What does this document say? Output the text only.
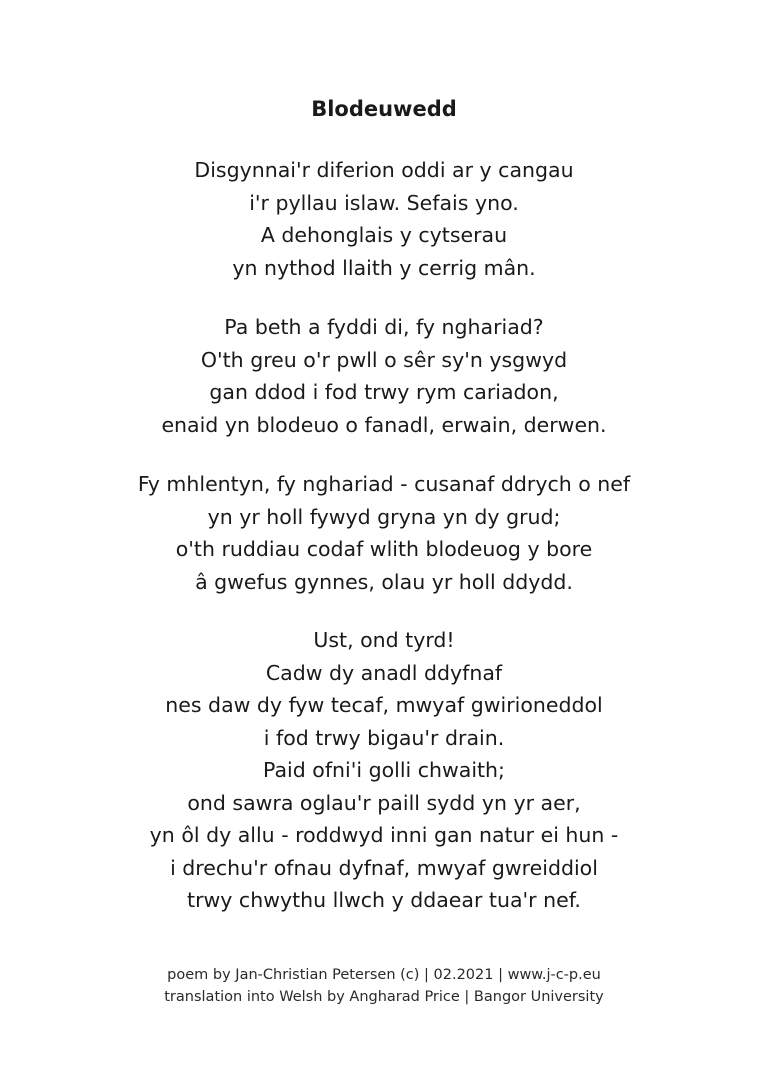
Blodeuwedd
Disgynnai'r diferion oddi ar y cangau
i'r pyllau islaw. Sefais yno.
A dehonglais y cytserau
yn nythod llaith y cerrig mân.
Pa beth a fyddi di, fy nghariad?
O'th greu o'r pwll o sêr sy'n ysgwyd
gan ddod i fod trwy rym cariadon,
enaid yn blodeuo o fanadl, erwain, derwen.
Fy mhlentyn, fy nghariad - cusanaf ddrych o nef
yn yr holl fywyd gryna yn dy grud;
o'th ruddiau codaf wlith blodeuog y bore
â gwefus gynnes, olau yr holl ddydd.
Ust, ond tyrd!
Cadw dy anadl ddyfnaf
nes daw dy fyw tecaf, mwyaf gwirioneddol
i fod trwy bigau'r drain.
Paid ofni'i golli chwaith;
ond sawra oglau'r paill sydd yn yr aer,
yn ôl dy allu - roddwyd inni gan natur ei hun -
i drechu'r ofnau dyfnaf, mwyaf gwreiddiol
trwy chwythu llwch y ddaear tua'r nef.
poem by Jan-Christian Petersen (c) | 02.2021 | www.j-c-p.eu
translation into Welsh by Angharad Price | Bangor University
